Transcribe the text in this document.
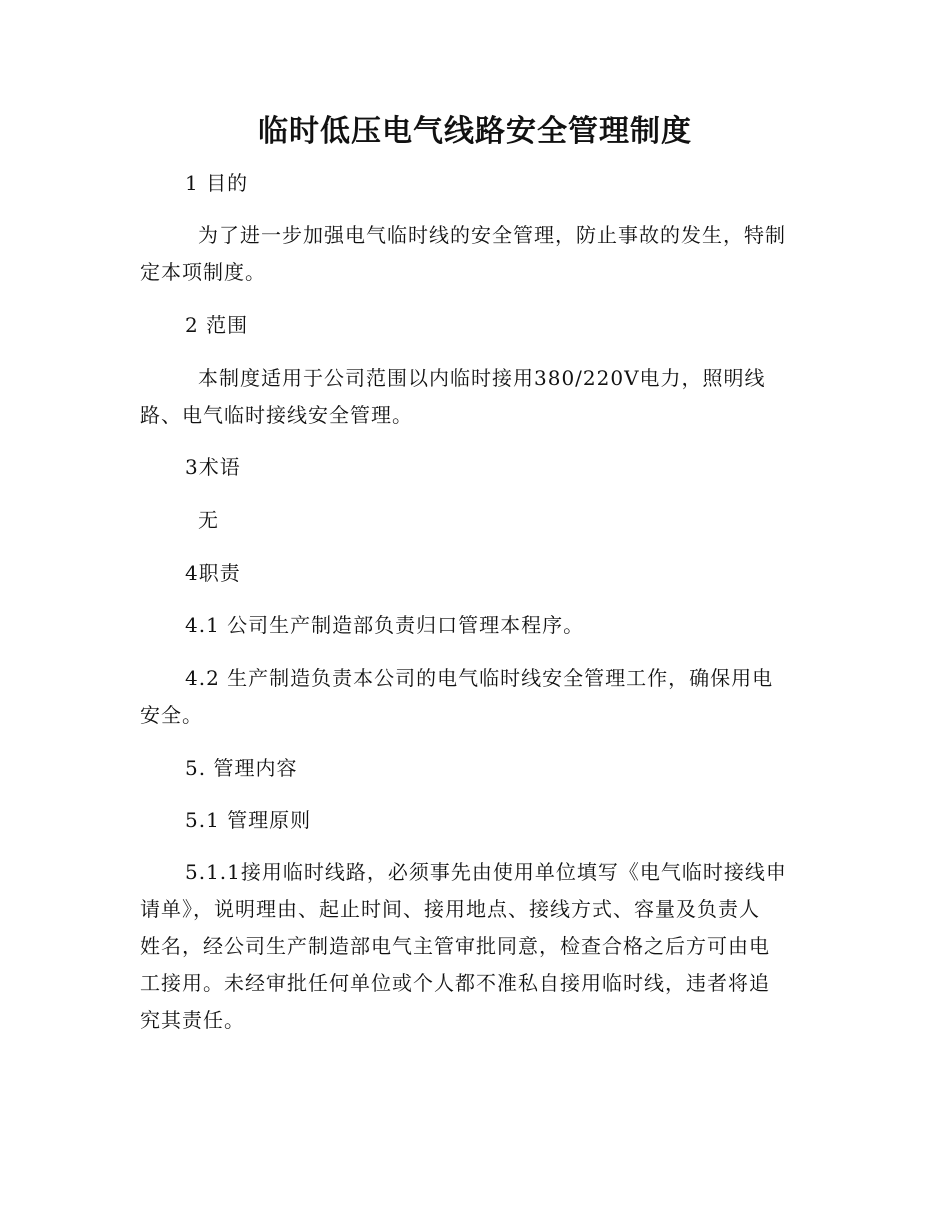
临时低压电气线路安全管理制度
1 目的
为了进一步加强电气临时线的安全管理，防止事故的发生，特制
定本项制度。
2 范围
本制度适用于公司范围以内临时接用380/220V电力，照明线
路、电气临时接线安全管理。
3术语
无
4职责
4.1 公司生产制造部负责归口管理本程序。
4.2 生产制造负责本公司的电气临时线安全管理工作，确保用电
安全。
5. 管理内容
5.1 管理原则
5.1.1接用临时线路，必须事先由使用单位填写《电气临时接线申
请单》，说明理由、起止时间、接用地点、接线方式、容量及负责人
姓名，经公司生产制造部电气主管审批同意，检查合格之后方可由电
工接用。未经审批任何单位或个人都不准私自接用临时线，违者将追
究其责任。
